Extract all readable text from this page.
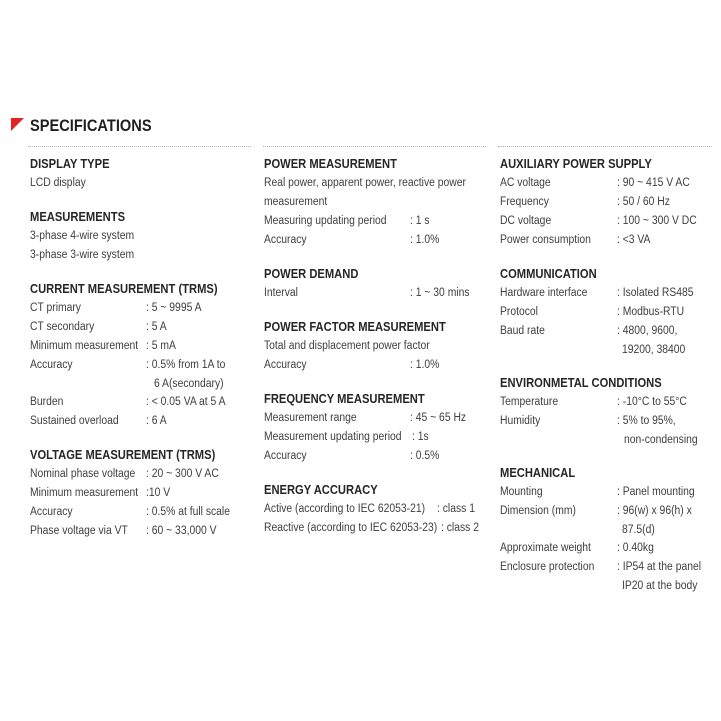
SPECIFICATIONS
DISPLAY TYPE
LCD display
MEASUREMENTS
3-phase 4-wire system
3-phase 3-wire system
CURRENT MEASUREMENT (TRMS)
CT primary	: 5 ~ 9995 A
CT secondary	: 5 A
Minimum measurement : 5 mA
Accuracy	: 0.5% from 1A to
6 A(secondary)
Burden	: < 0.05 VA at 5 A
Sustained overload : 6 A
VOLTAGE MEASUREMENT (TRMS)
Nominal phase voltage : 20 ~ 300 V AC
Minimum measurement :10 V
Accuracy	: 0.5% at full scale
Phase voltage via VT : 60 ~ 33,000 V
POWER MEASUREMENT
Real power, apparent power, reactive power
measurement
Measuring updating period : 1 s
Accuracy	: 1.0%
POWER DEMAND
Interval	: 1 ~ 30 mins
POWER FACTOR MEASUREMENT
Total and displacement power factor
Accuracy	: 1.0%
FREQUENCY MEASUREMENT
Measurement range	: 45 ~ 65 Hz
Measurement updating period : 1s
Accuracy	: 0.5%
ENERGY ACCURACY
Active (according to IEC 62053-21) : class 1
Reactive (according to IEC 62053-23) : class 2
AUXILIARY POWER SUPPLY
AC voltage	: 90 ~ 415 V AC
Frequency	: 50 / 60 Hz
DC voltage	: 100 ~ 300 V DC
Power consumption : <3 VA
COMMUNICATION
Hardware interface	: Isolated RS485
Protocol	: Modbus-RTU
Baud rate	: 4800, 9600,
19200, 38400
ENVIRONMETAL CONDITIONS
Temperature	: -10°C to 55°C
Humidity	: 5% to 95%,
non-condensing
MECHANICAL
Mounting	: Panel mounting
Dimension (mm)	: 96(w) x 96(h) x
87.5(d)
Approximate weight : 0.40kg
Enclosure protection : IP54 at the panel
IP20 at the body
